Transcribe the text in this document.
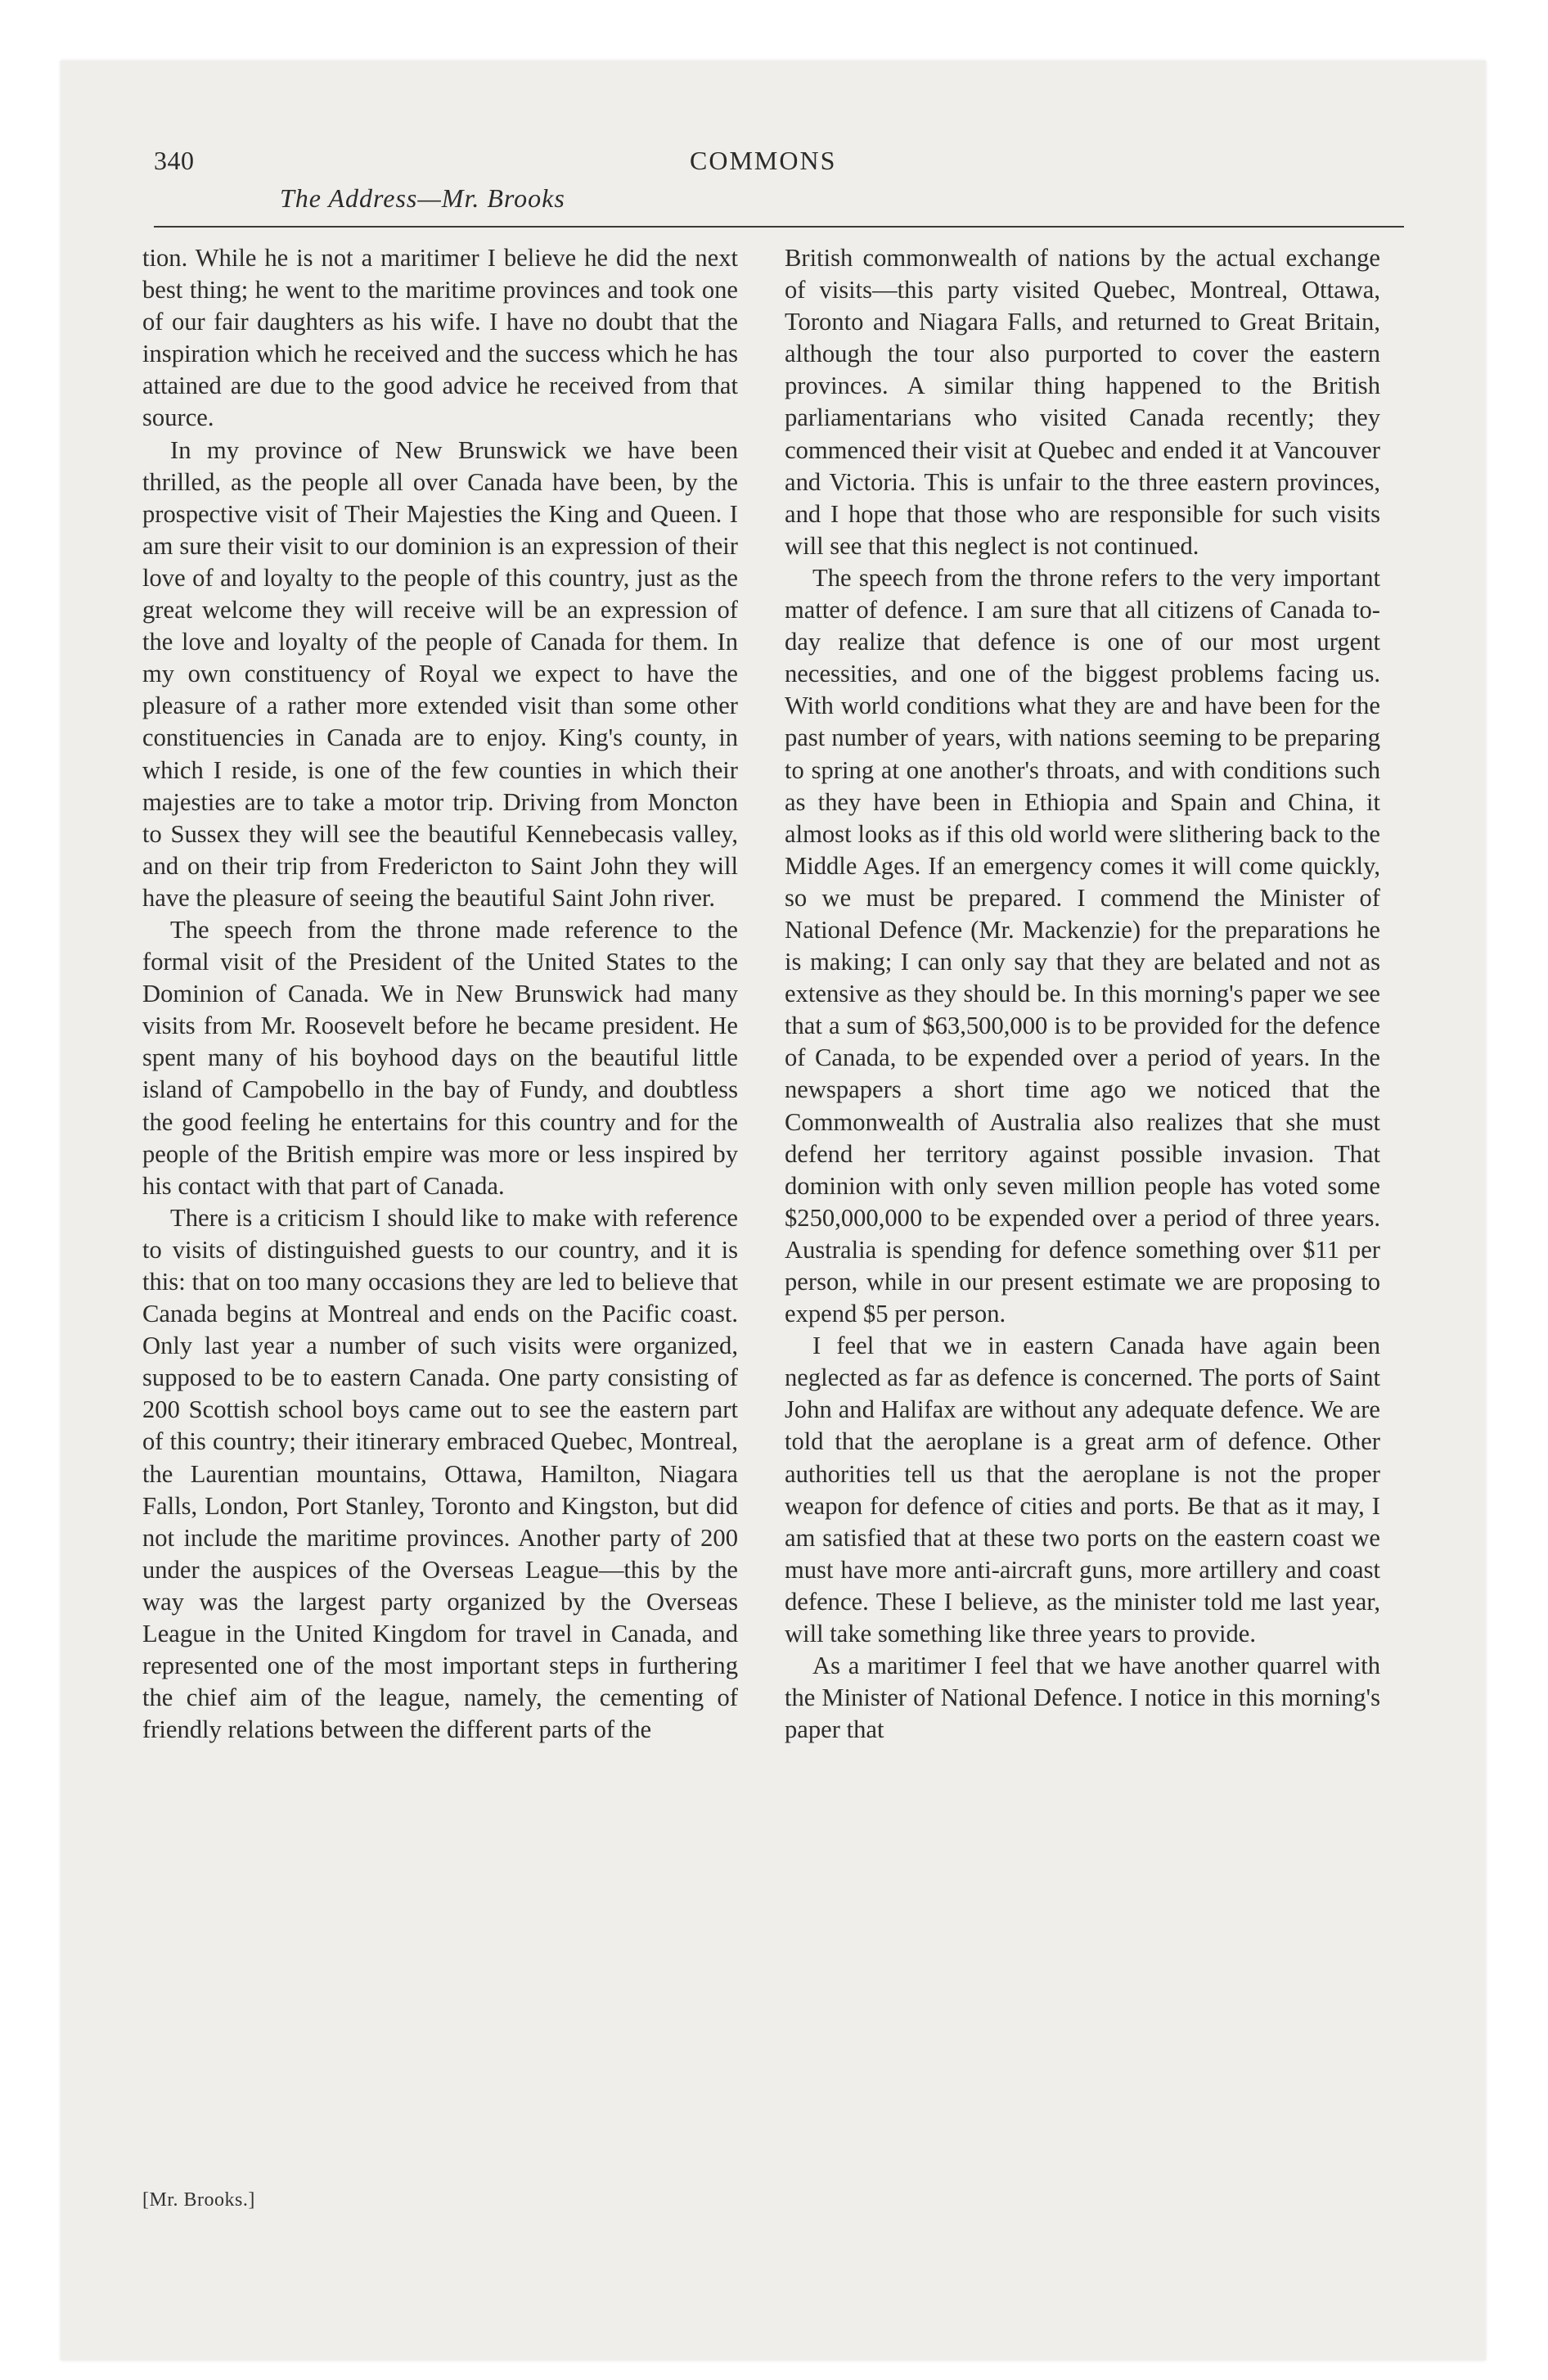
340
The Address—Mr. Brooks
COMMONS

tion. While he is not a maritimer I believe he did the next best thing; he went to the maritime provinces and took one of our fair daughters as his wife. I have no doubt that the inspiration which he received and the success which he has attained are due to the good advice he received from that source.

In my province of New Brunswick we have been thrilled, as the people all over Canada have been, by the prospective visit of Their Majesties the King and Queen. I am sure their visit to our dominion is an expression of their love of and loyalty to the people of this country, just as the great welcome they will receive will be an expression of the love and loyalty of the people of Canada for them. In my own constituency of Royal we expect to have the pleasure of a rather more extended visit than some other constituencies in Canada are to enjoy. King's county, in which I reside, is one of the few counties in which their majesties are to take a motor trip. Driving from Moncton to Sussex they will see the beautiful Kennebecasis valley, and on their trip from Fredericton to Saint John they will have the pleasure of seeing the beautiful Saint John river.

The speech from the throne made reference to the formal visit of the President of the United States to the Dominion of Canada. We in New Brunswick had many visits from Mr. Roosevelt before he became president. He spent many of his boyhood days on the beautiful little island of Campobello in the bay of Fundy, and doubtless the good feeling he entertains for this country and for the people of the British empire was more or less inspired by his contact with that part of Canada.

There is a criticism I should like to make with reference to visits of distinguished guests to our country, and it is this: that on too many occasions they are led to believe that Canada begins at Montreal and ends on the Pacific coast. Only last year a number of such visits were organized, supposed to be to eastern Canada. One party consisting of 200 Scottish school boys came out to see the eastern part of this country; their itinerary embraced Quebec, Montreal, the Laurentian mountains, Ottawa, Hamilton, Niagara Falls, London, Port Stanley, Toronto and Kingston, but did not include the maritime provinces. Another party of 200 under the auspices of the Overseas League—this by the way was the largest party organized by the Overseas League in the United Kingdom for travel in Canada, and represented one of the most important steps in furthering the chief aim of the league, namely, the cementing of friendly relations between the different parts of the

British commonwealth of nations by the actual exchange of visits—this party visited Quebec, Montreal, Ottawa, Toronto and Niagara Falls, and returned to Great Britain, although the tour also purported to cover the eastern provinces. A similar thing happened to the British parliamentarians who visited Canada recently; they commenced their visit at Quebec and ended it at Vancouver and Victoria. This is unfair to the three eastern provinces, and I hope that those who are responsible for such visits will see that this neglect is not continued.

The speech from the throne refers to the very important matter of defence. I am sure that all citizens of Canada to-day realize that defence is one of our most urgent necessities, and one of the biggest problems facing us. With world conditions what they are and have been for the past number of years, with nations seeming to be preparing to spring at one another's throats, and with conditions such as they have been in Ethiopia and Spain and China, it almost looks as if this old world were slithering back to the Middle Ages. If an emergency comes it will come quickly, so we must be prepared. I commend the Minister of National Defence (Mr. Mackenzie) for the preparations he is making; I can only say that they are belated and not as extensive as they should be. In this morning's paper we see that a sum of $63,500,000 is to be provided for the defence of Canada, to be expended over a period of years. In the newspapers a short time ago we noticed that the Commonwealth of Australia also realizes that she must defend her territory against possible invasion. That dominion with only seven million people has voted some $250,000,000 to be expended over a period of three years. Australia is spending for defence something over $11 per person, while in our present estimate we are proposing to expend $5 per person.

I feel that we in eastern Canada have again been neglected as far as defence is concerned. The ports of Saint John and Halifax are without any adequate defence. We are told that the aeroplane is a great arm of defence. Other authorities tell us that the aeroplane is not the proper weapon for defence of cities and ports. Be that as it may, I am satisfied that at these two ports on the eastern coast we must have more anti-aircraft guns, more artillery and coast defence. These I believe, as the minister told me last year, will take something like three years to provide.

As a maritimer I feel that we have another quarrel with the Minister of National Defence. I notice in this morning's paper that

[Mr. Brooks.]
